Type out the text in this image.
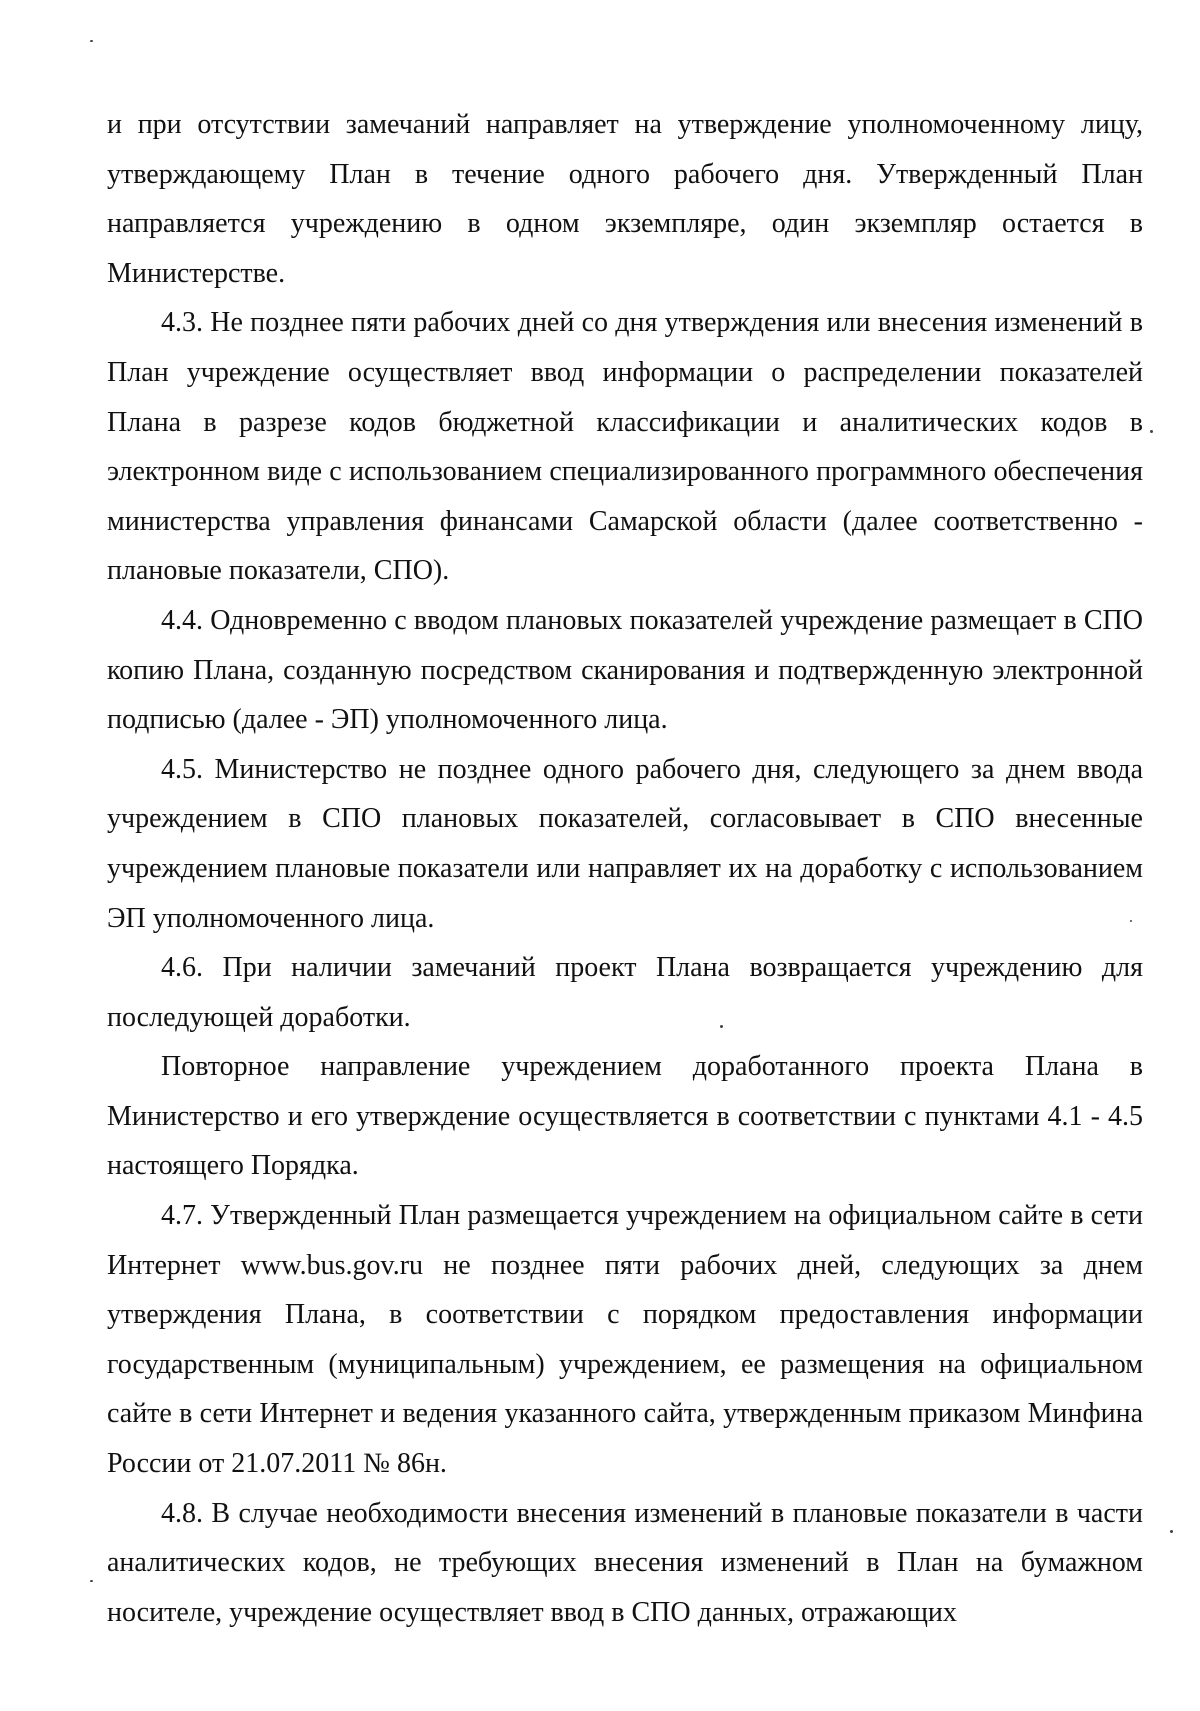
и при отсутствии замечаний направляет на утверждение уполномоченному лицу, утверждающему План в течение одного рабочего дня. Утвержденный План направляется учреждению в одном экземпляре, один экземпляр остается в Министерстве.

4.3. Не позднее пяти рабочих дней со дня утверждения или внесения изменений в План учреждение осуществляет ввод информации о распределении показателей Плана в разрезе кодов бюджетной классификации и аналитических кодов в электронном виде с использованием специализированного программного обеспечения министерства управления финансами Самарской области (далее соответственно - плановые показатели, СПО).

4.4. Одновременно с вводом плановых показателей учреждение размещает в СПО копию Плана, созданную посредством сканирования и подтвержденную электронной подписью (далее - ЭП) уполномоченного лица.

4.5. Министерство не позднее одного рабочего дня, следующего за днем ввода учреждением в СПО плановых показателей, согласовывает в СПО внесенные учреждением плановые показатели или направляет их на доработку с использованием ЭП уполномоченного лица.

4.6. При наличии замечаний проект Плана возвращается учреждению для последующей доработки.

Повторное направление учреждением доработанного проекта Плана в Министерство и его утверждение осуществляется в соответствии с пунктами 4.1 - 4.5 настоящего Порядка.

4.7. Утвержденный План размещается учреждением на официальном сайте в сети Интернет www.bus.gov.ru не позднее пяти рабочих дней, следующих за днем утверждения Плана, в соответствии с порядком предоставления информации государственным (муниципальным) учреждением, ее размещения на официальном сайте в сети Интернет и ведения указанного сайта, утвержденным приказом Минфина России от 21.07.2011 № 86н.

4.8. В случае необходимости внесения изменений в плановые показатели в части аналитических кодов, не требующих внесения изменений в План на бумажном носителе, учреждение осуществляет ввод в СПО данных, отражающих
